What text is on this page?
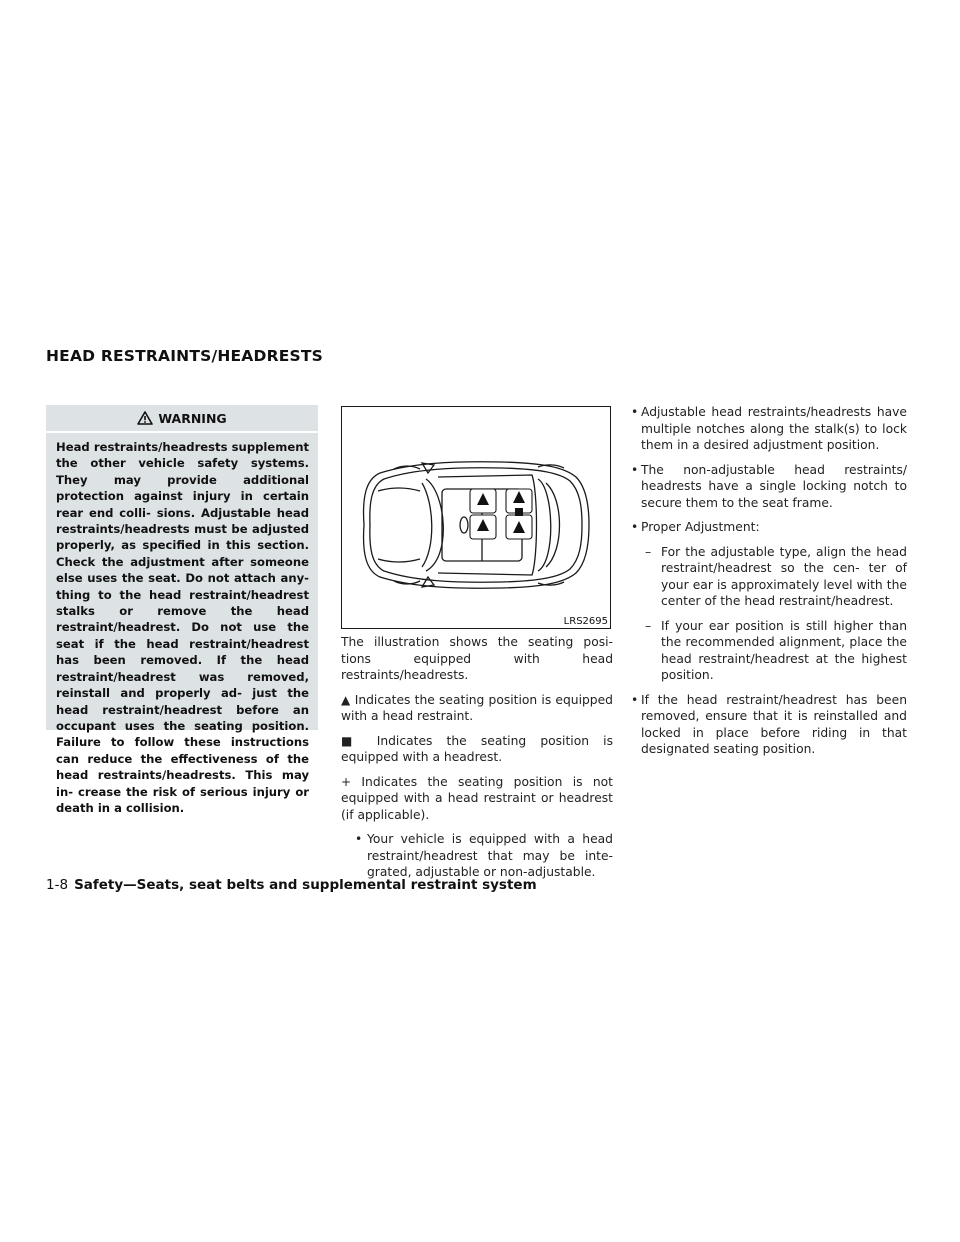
HEAD RESTRAINTS/HEADRESTS
WARNING

Head restraints/headrests supplement the other vehicle safety systems. They may provide additional protection against injury in certain rear end colli- sions. Adjustable head restraints/headrests must be adjusted properly, as specified in this section. Check the adjustment after someone else uses the seat. Do not attach any- thing to the head restraint/headrest stalks or remove the head restraint/headrest. Do not use the seat if the head restraint/headrest has been removed. If the head restraint/headrest was removed, reinstall and properly ad- just the head restraint/headrest before an occupant uses the seating position. Failure to follow these instructions can reduce the effectiveness of the head restraints/headrests. This may in- crease the risk of serious injury or death in a collision.

LRS2695

The illustration shows the seating posi- tions equipped with head restraints/headrests.

▲ Indicates the seating position is equipped with a head restraint.

■ Indicates the seating position is equipped with a headrest.

+ Indicates the seating position is not equipped with a head restraint or headrest (if applicable).

• Your vehicle is equipped with a head restraint/headrest that may be inte- grated, adjustable or non-adjustable.
• Adjustable head restraints/headrests have multiple notches along the stalk(s) to lock them in a desired adjustment position.
• The non-adjustable head restraints/ headrests have a single locking notch to secure them to the seat frame.
• Proper Adjustment:
– For the adjustable type, align the head restraint/headrest so the cen- ter of your ear is approximately level with the center of the head restraint/headrest.
– If your ear position is still higher than the recommended alignment, place the head restraint/headrest at the highest position.
• If the head restraint/headrest has been removed, ensure that it is reinstalled and locked in place before riding in that designated seating position.
1-8 Safety—Seats, seat belts and supplemental restraint system
